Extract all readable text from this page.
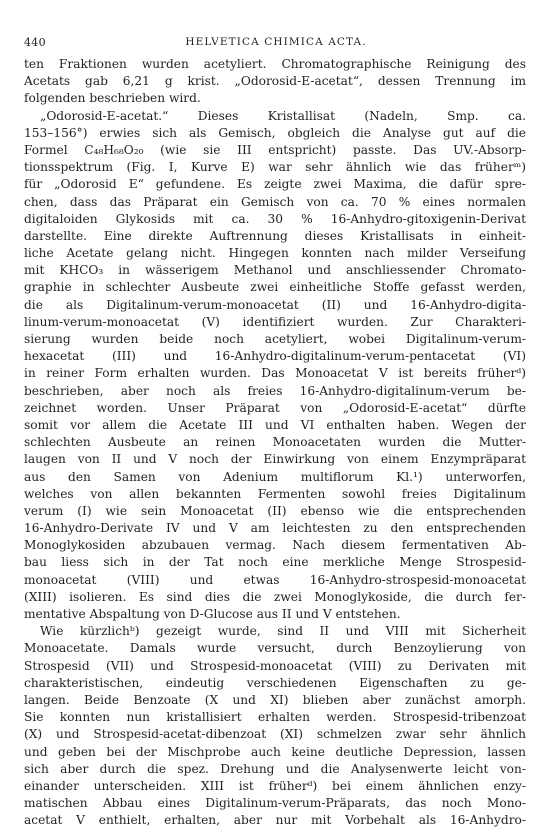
440	HELVETICA CHIMICA ACTA.
ten Fraktionen wurden acetyliert. Chromatographische Reinigung des
Acetats gab 6,21 g krist. „Odorosid-E-acetat“, dessen Trennung im
folgenden beschrieben wird.
„Odorosid-E-acetat.“ Dieses Kristallisat (Nadeln, Smp. ca.
153–156°) erwies sich als Gemisch, obgleich die Analyse gut auf die
Formel C₄₈H₆₈O₂₀ (wie sie III entspricht) passte. Das UV.-Absorp-
tionsspektrum (Fig. I, Kurve E) war sehr ähnlich wie das früherᵐ)
für „Odorosid E“ gefundene. Es zeigte zwei Maxima, die dafür spre-
chen, dass das Präparat ein Gemisch von ca. 70 % eines normalen
digitaloiden Glykosids mit ca. 30 % 16-Anhydro-gitoxigenin-Derivat
darstellte. Eine direkte Auftrennung dieses Kristallisats in einheit-
liche Acetate gelang nicht. Hingegen konnten nach milder Verseifung
mit KHCO₃ in wässerigem Methanol und anschliessender Chromato-
graphie in schlechter Ausbeute zwei einheitliche Stoffe gefasst werden,
die als Digitalinum-verum-monoacetat (II) und 16-Anhydro-digita-
linum-verum-monoacetat (V) identifiziert wurden. Zur Charakteri-
sierung wurden beide noch acetyliert, wobei Digitalinum-verum-
hexacetat (III) und 16-Anhydro-digitalinum-verum-pentacetat (VI)
in reiner Form erhalten wurden. Das Monoacetat V ist bereits früherᵈ)
beschrieben, aber noch als freies 16-Anhydro-digitalinum-verum be-
zeichnet worden. Unser Präparat von „Odorosid-E-acetat“ dürfte
somit vor allem die Acetate III und VI enthalten haben. Wegen der
schlechten Ausbeute an reinen Monoacetaten wurden die Mutter-
laugen von II und V noch der Einwirkung von einem Enzympräparat
aus den Samen von Adenium multiflorum Kl.¹) unterworfen,
welches von allen bekannten Fermenten sowohl freies Digitalinum
verum (I) wie sein Monoacetat (II) ebenso wie die entsprechenden
16-Anhydro-Derivate IV und V am leichtesten zu den entsprechenden
Monoglykosiden abzubauen vermag. Nach diesem fermentativen Ab-
bau liess sich in der Tat noch eine merkliche Menge Strospesid-
monoacetat (VIII) und etwas 16-Anhydro-strospesid-monoacetat
(XIII) isolieren. Es sind dies die zwei Monoglykoside, die durch fer-
mentative Abspaltung von D-Glucose aus II und V entstehen.
Wie kürzlichᵇ) gezeigt wurde, sind II und VIII mit Sicherheit
Monoacetate. Damals wurde versucht, durch Benzoylierung von
Strospesid (VII) und Strospesid-monoacetat (VIII) zu Derivaten mit
charakteristischen, eindeutig verschiedenen Eigenschaften zu ge-
langen. Beide Benzoate (X und XI) blieben aber zunächst amorph.
Sie konnten nun kristallisiert erhalten werden. Strospesid-tribenzoat
(X) und Strospesid-acetat-dibenzoat (XI) schmelzen zwar sehr ähnlich
und geben bei der Mischprobe auch keine deutliche Depression, lassen
sich aber durch die spez. Drehung und die Analysenwerte leicht von-
einander unterscheiden. XIII ist früherᵈ) bei einem ähnlichen enzy-
matischen Abbau eines Digitalinum-verum-Präparats, das noch Mono-
acetat V enthielt, erhalten, aber nur mit Vorbehalt als 16-Anhydro-
